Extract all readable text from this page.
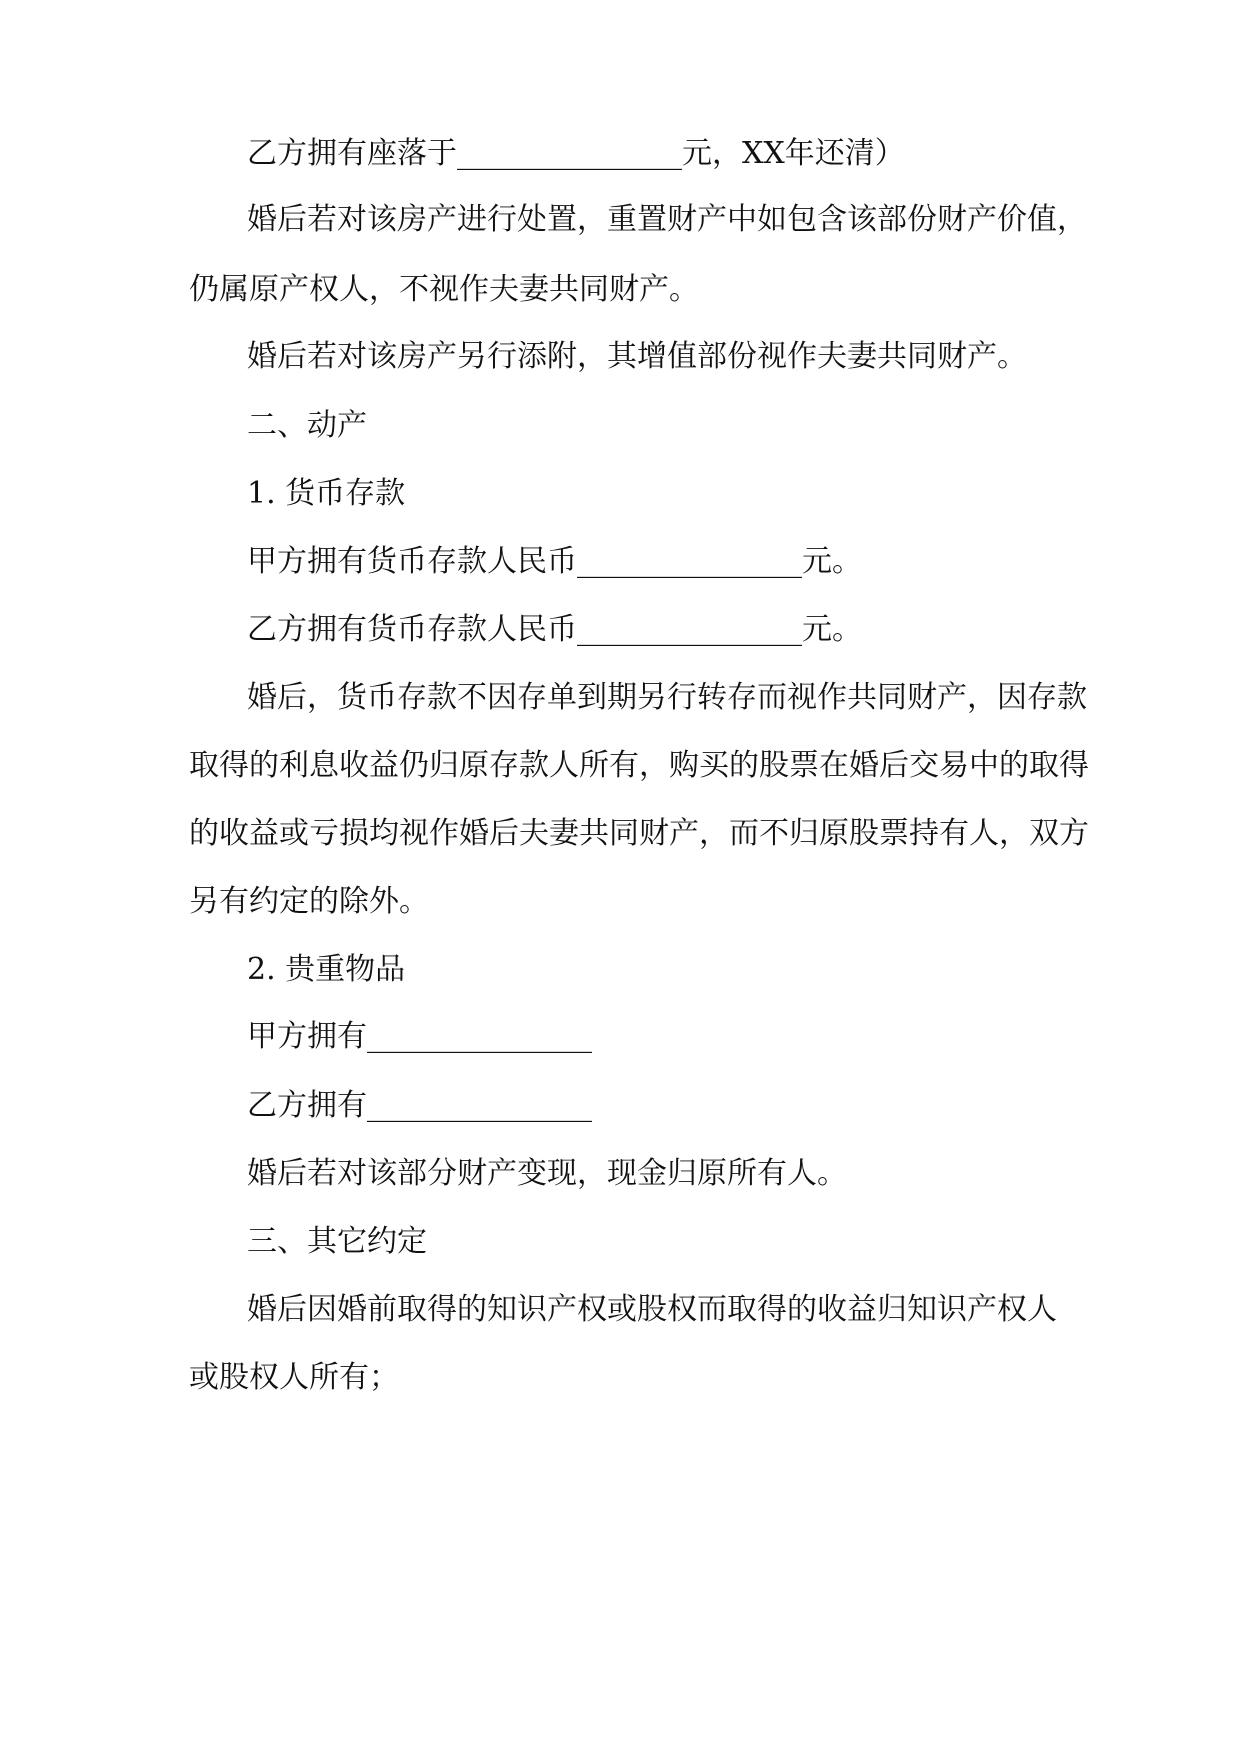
乙方拥有座落于_______________元，XX年还清）
婚后若对该房产进行处置，重置财产中如包含该部份财产价值，
仍属原产权人，不视作夫妻共同财产。
婚后若对该房产另行添附，其增值部份视作夫妻共同财产。
二、动产
1. 货币存款
甲方拥有货币存款人民币_______________元。
乙方拥有货币存款人民币_______________元。
婚后，货币存款不因存单到期另行转存而视作共同财产，因存款
取得的利息收益仍归原存款人所有，购买的股票在婚后交易中的取得
的收益或亏损均视作婚后夫妻共同财产，而不归原股票持有人，双方
另有约定的除外。
2. 贵重物品
甲方拥有_______________
乙方拥有_______________
婚后若对该部分财产变现，现金归原所有人。
三、其它约定
婚后因婚前取得的知识产权或股权而取得的收益归知识产权人
或股权人所有；
